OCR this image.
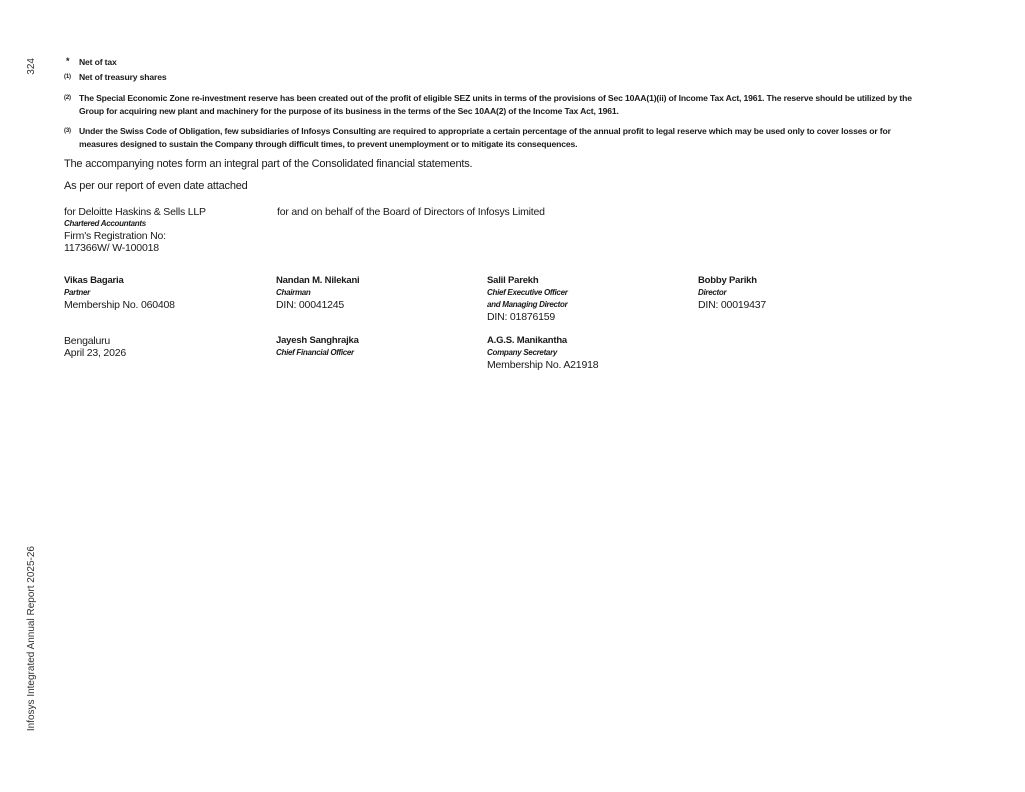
324
Infosys Integrated Annual Report 2025-26
* Net of tax
(1) Net of treasury shares
(2) The Special Economic Zone re-investment reserve has been created out of the profit of eligible SEZ units in terms of the provisions of Sec 10AA(1)(ii) of Income Tax Act, 1961. The reserve should be utilized by the Group for acquiring new plant and machinery for the purpose of its business in the terms of the Sec 10AA(2) of the Income Tax Act, 1961.
(3) Under the Swiss Code of Obligation, few subsidiaries of Infosys Consulting are required to appropriate a certain percentage of the annual profit to legal reserve which may be used only to cover losses or for measures designed to sustain the Company through difficult times, to prevent unemployment or to mitigate its consequences.
The accompanying notes form an integral part of the Consolidated financial statements.
As per our report of even date attached
for Deloitte Haskins & Sells LLP
Chartered Accountants
Firm's Registration No:
117366W/ W-100018
for and on behalf of the Board of Directors of Infosys Limited
Vikas Bagaria
Partner
Membership No. 060408
Nandan M. Nilekani
Chairman
DIN: 00041245
Salil Parekh
Chief Executive Officer
and Managing Director
DIN: 01876159
Bobby Parikh
Director
DIN: 00019437
Bengaluru
April 23, 2026
Jayesh Sanghrajka
Chief Financial Officer
A.G.S. Manikantha
Company Secretary
Membership No. A21918
